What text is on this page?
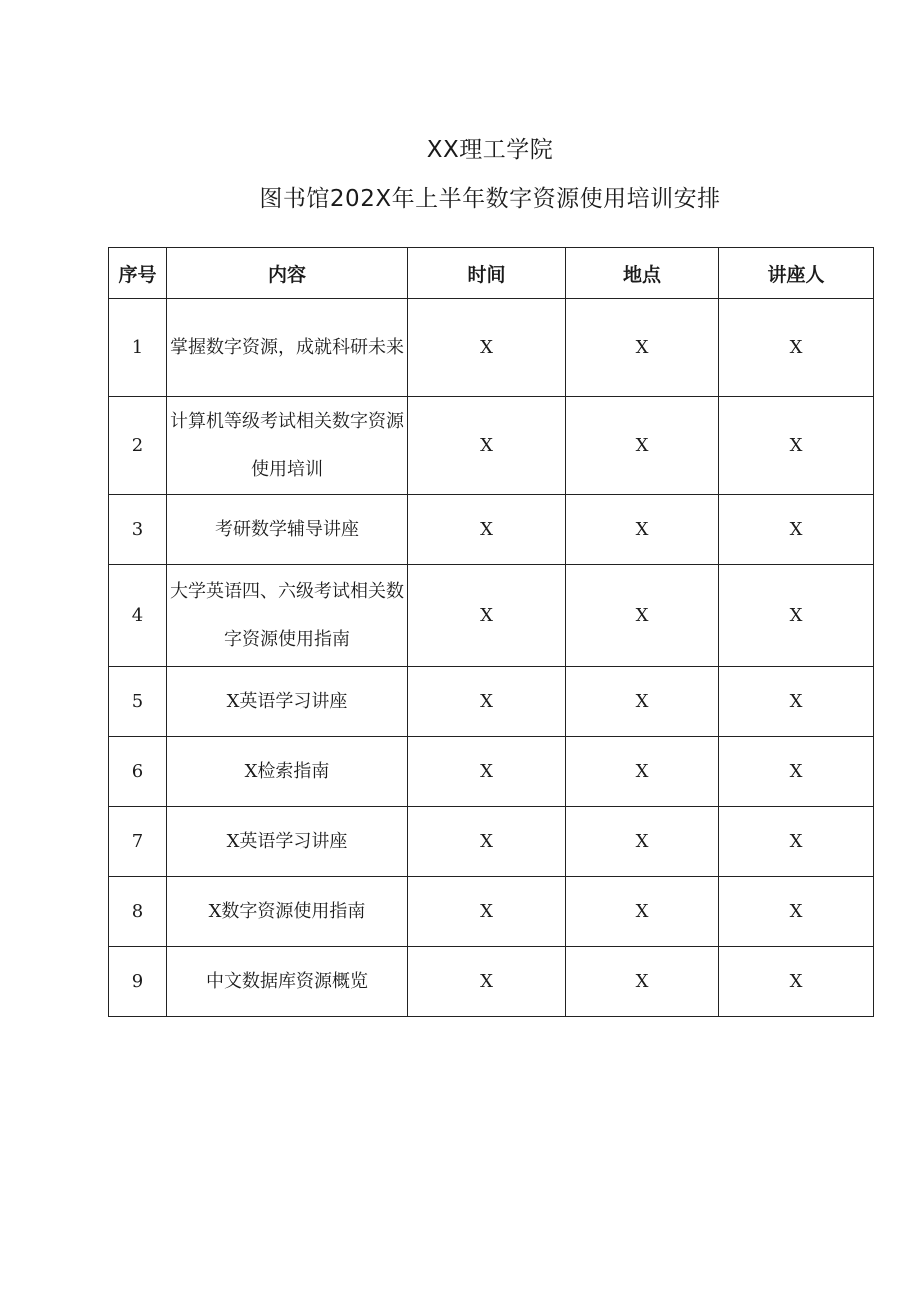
XX理工学院
图书馆202X年上半年数字资源使用培训安排
序号	内容	时间	地点	讲座人
1	掌握数字资源，成就科研未来	X	X	X
2	计算机等级考试相关数字资源使用培训	X	X	X
3	考研数学辅导讲座	X	X	X
4	大学英语四、六级考试相关数字资源使用指南	X	X	X
5	X英语学习讲座	X	X	X
6	X检索指南	X	X	X
7	X英语学习讲座	X	X	X
8	X数字资源使用指南	X	X	X
9	中文数据库资源概览	X	X	X
